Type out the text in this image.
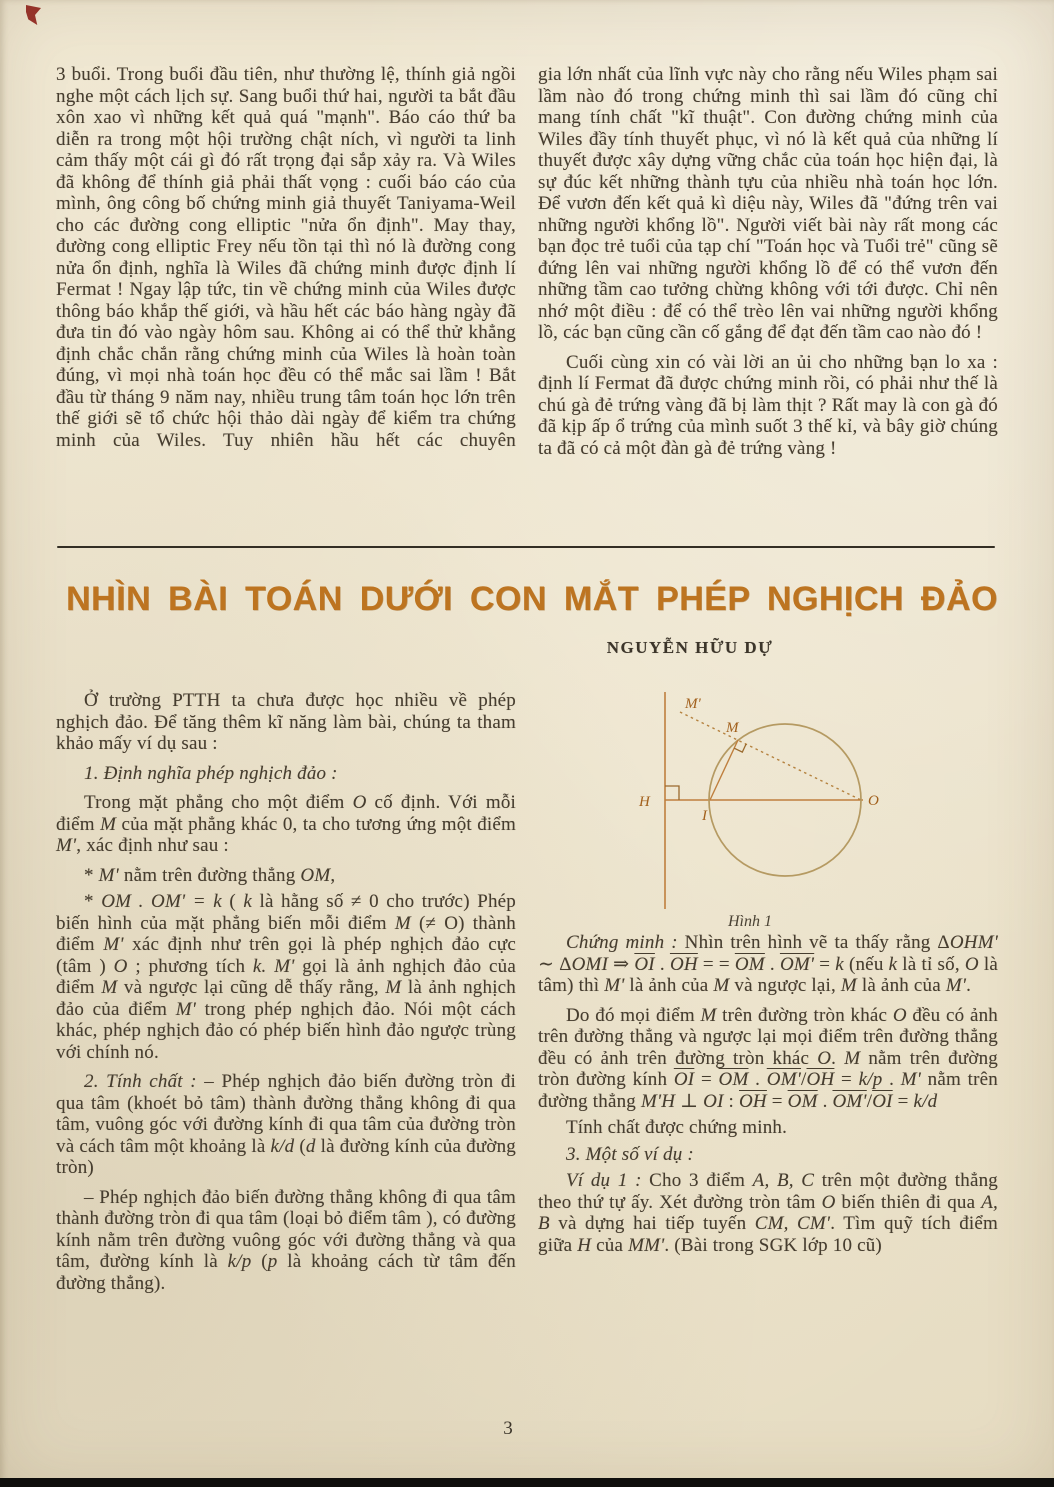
3 buổi. Trong buổi đầu tiên, như thường lệ, thính giả ngồi nghe một cách lịch sự. Sang buổi thứ hai, người ta bắt đầu xôn xao vì những kết quả quá "mạnh". Báo cáo thứ ba diễn ra trong một hội trường chật ních, vì người ta linh cảm thấy một cái gì đó rất trọng đại sắp xảy ra. Và Wiles đã không để thính giả phải thất vọng : cuối báo cáo của mình, ông công bố chứng minh giả thuyết Taniyama-Weil cho các đường cong elliptic "nửa ổn định". May thay, đường cong elliptic Frey nếu tồn tại thì nó là đường cong nửa ổn định, nghĩa là Wiles đã chứng minh được định lí Fermat ! Ngay lập tức, tin về chứng minh của Wiles được thông báo khắp thế giới, và hầu hết các báo hàng ngày đã đưa tin đó vào ngày hôm sau. Không ai có thể thử khẳng định chắc chắn rằng chứng minh của Wiles là hoàn toàn đúng, vì mọi nhà toán học đều có thể mắc sai lầm ! Bắt đầu từ tháng 9 năm nay, nhiều trung tâm toán học lớn trên thế giới sẽ tổ chức hội thảo dài ngày để kiểm tra chứng minh của Wiles. Tuy nhiên hầu hết các chuyên

gia lớn nhất của lĩnh vực này cho rằng nếu Wiles phạm sai lầm nào đó trong chứng minh thì sai lầm đó cũng chỉ mang tính chất "kĩ thuật". Con đường chứng minh của Wiles đầy tính thuyết phục, vì nó là kết quả của những lí thuyết được xây dựng vững chắc của toán học hiện đại, là sự đúc kết những thành tựu của nhiều nhà toán học lớn. Để vươn đến kết quả kì diệu này, Wiles đã "đứng trên vai những người khổng lồ". Người viết bài này rất mong các bạn đọc trẻ tuổi của tạp chí "Toán học và Tuổi trẻ" cũng sẽ đứng lên vai những người khổng lồ để có thể vươn đến những tầm cao tưởng chừng không với tới được. Chỉ nên nhớ một điều : để có thể trèo lên vai những người khổng lồ, các bạn cũng cần cố gắng để đạt đến tầm cao nào đó !

Cuối cùng xin có vài lời an ủi cho những bạn lo xa : định lí Fermat đã được chứng minh rồi, có phải như thế là chú gà đẻ trứng vàng đã bị làm thịt ? Rất may là con gà đó đã kịp ấp ổ trứng của mình suốt 3 thế kỉ, và bây giờ chúng ta đã có cả một đàn gà đẻ trứng vàng !

NHÌN BÀI TOÁN DƯỚI CON MẮT PHÉP NGHỊCH ĐẢO
NGUYỄN HỮU DỰ

Ở trường PTTH ta chưa được học nhiều về phép nghịch đảo. Để tăng thêm kĩ năng làm bài, chúng ta tham khảo mấy ví dụ sau :

1. Định nghĩa phép nghịch đảo :

Trong mặt phẳng cho một điểm O cố định. Với mỗi điểm M của mặt phẳng khác 0, ta cho tương ứng một điểm M', xác định như sau :

* M' nằm trên đường thẳng OM,

* OM . OM' = k ( k là hằng số ≠ 0 cho trước) Phép biến hình của mặt phẳng biến mỗi điểm M (≠ O) thành điểm M' xác định như trên gọi là phép nghịch đảo cực (tâm ) O ; phương tích k. M' gọi là ảnh nghịch đảo của điểm M và ngược lại cũng dễ thấy rằng, M là ảnh nghịch đảo của điểm M' trong phép nghịch đảo. Nói một cách khác, phép nghịch đảo có phép biến hình đảo ngược trùng với chính nó.

2. Tính chất : – Phép nghịch đảo biến đường tròn đi qua tâm (khoét bỏ tâm) thành đường thẳng không đi qua tâm, vuông góc với đường kính đi qua tâm của đường tròn và cách tâm một khoảng là k/d (d là đường kính của đường tròn)

– Phép nghịch đảo biến đường thẳng không đi qua tâm thành đường tròn đi qua tâm (loại bỏ điểm tâm ), có đường kính nằm trên đường vuông góc với đường thẳng và qua tâm, đường kính là k/p (p là khoảng cách từ tâm đến đường thẳng).

M'
M
H
I
O
Hình 1

Chứng minh : Nhìn trên hình vẽ ta thấy rằng ΔOHM' ∼ ΔOMI ⇒ $\overline{OI}$ . $\overline{OH}$ = = $\overline{OM}$ . OM' = k (nếu k là tỉ số, O là tâm) thì M' là ảnh của M và ngược lại, M là ảnh của M'.

Do đó mọi điểm M trên đường tròn khác O đều có ảnh trên đường thẳng và ngược lại mọi điểm trên đường thẳng đều có ảnh trên đường tròn khác O. M nằm trên đường tròn đường kính $\overline{OI} = \overline{OM}$ . $OM'/\overline{OH} = k/p$ . M' nằm trên đường thẳng M'H ⊥ OI : $\overline{OH} = \overline{OM}$ . $OM'/\overline{OI} = k/d$

Tính chất được chứng minh.

3. Một số ví dụ :

Ví dụ 1 : Cho 3 điểm A, B, C trên một đường thẳng theo thứ tự ấy. Xét đường tròn tâm O biến thiên đi qua A, B và dựng hai tiếp tuyến CM, CM'. Tìm quỹ tích điểm giữa H của MM'. (Bài trong SGK lớp 10 cũ)

3
